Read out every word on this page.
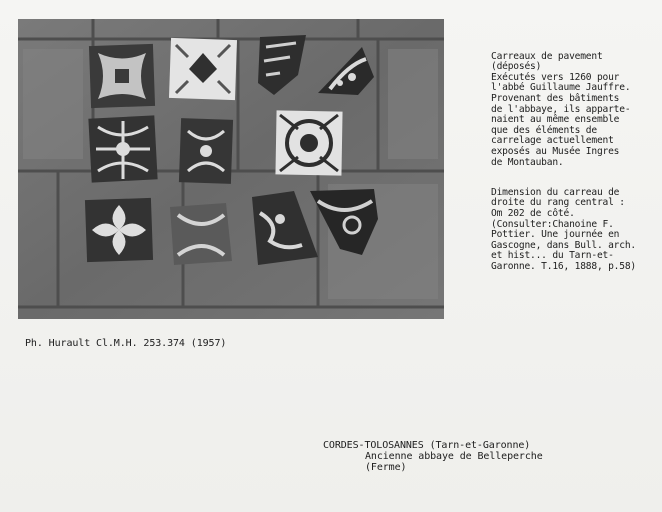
Carreaux de pavement
(déposés)
Exécutés vers 1260 pour
l'abbé Guillaume Jauffre.
Provenant des bâtiments
de l'abbaye, ils apparte-
naient au même ensemble
que des éléments de
carrelage actuellement
exposés au Musée Ingres
de Montauban.

Dimension du carreau de
droite du rang central :
Om 202 de côté.
(Consulter:Chanoine F.
Pottier. Une journée en
Gascogne, dans Bull. arch.
et hist... du Tarn-et-
Garonne. T.16, 1888, p.58)

Ph. Hurault Cl.M.H. 253.374 (1957)
CORDES-TOLOSANNES (Tarn-et-Garonne)
Ancienne abbaye de Belleperche
(Ferme)
